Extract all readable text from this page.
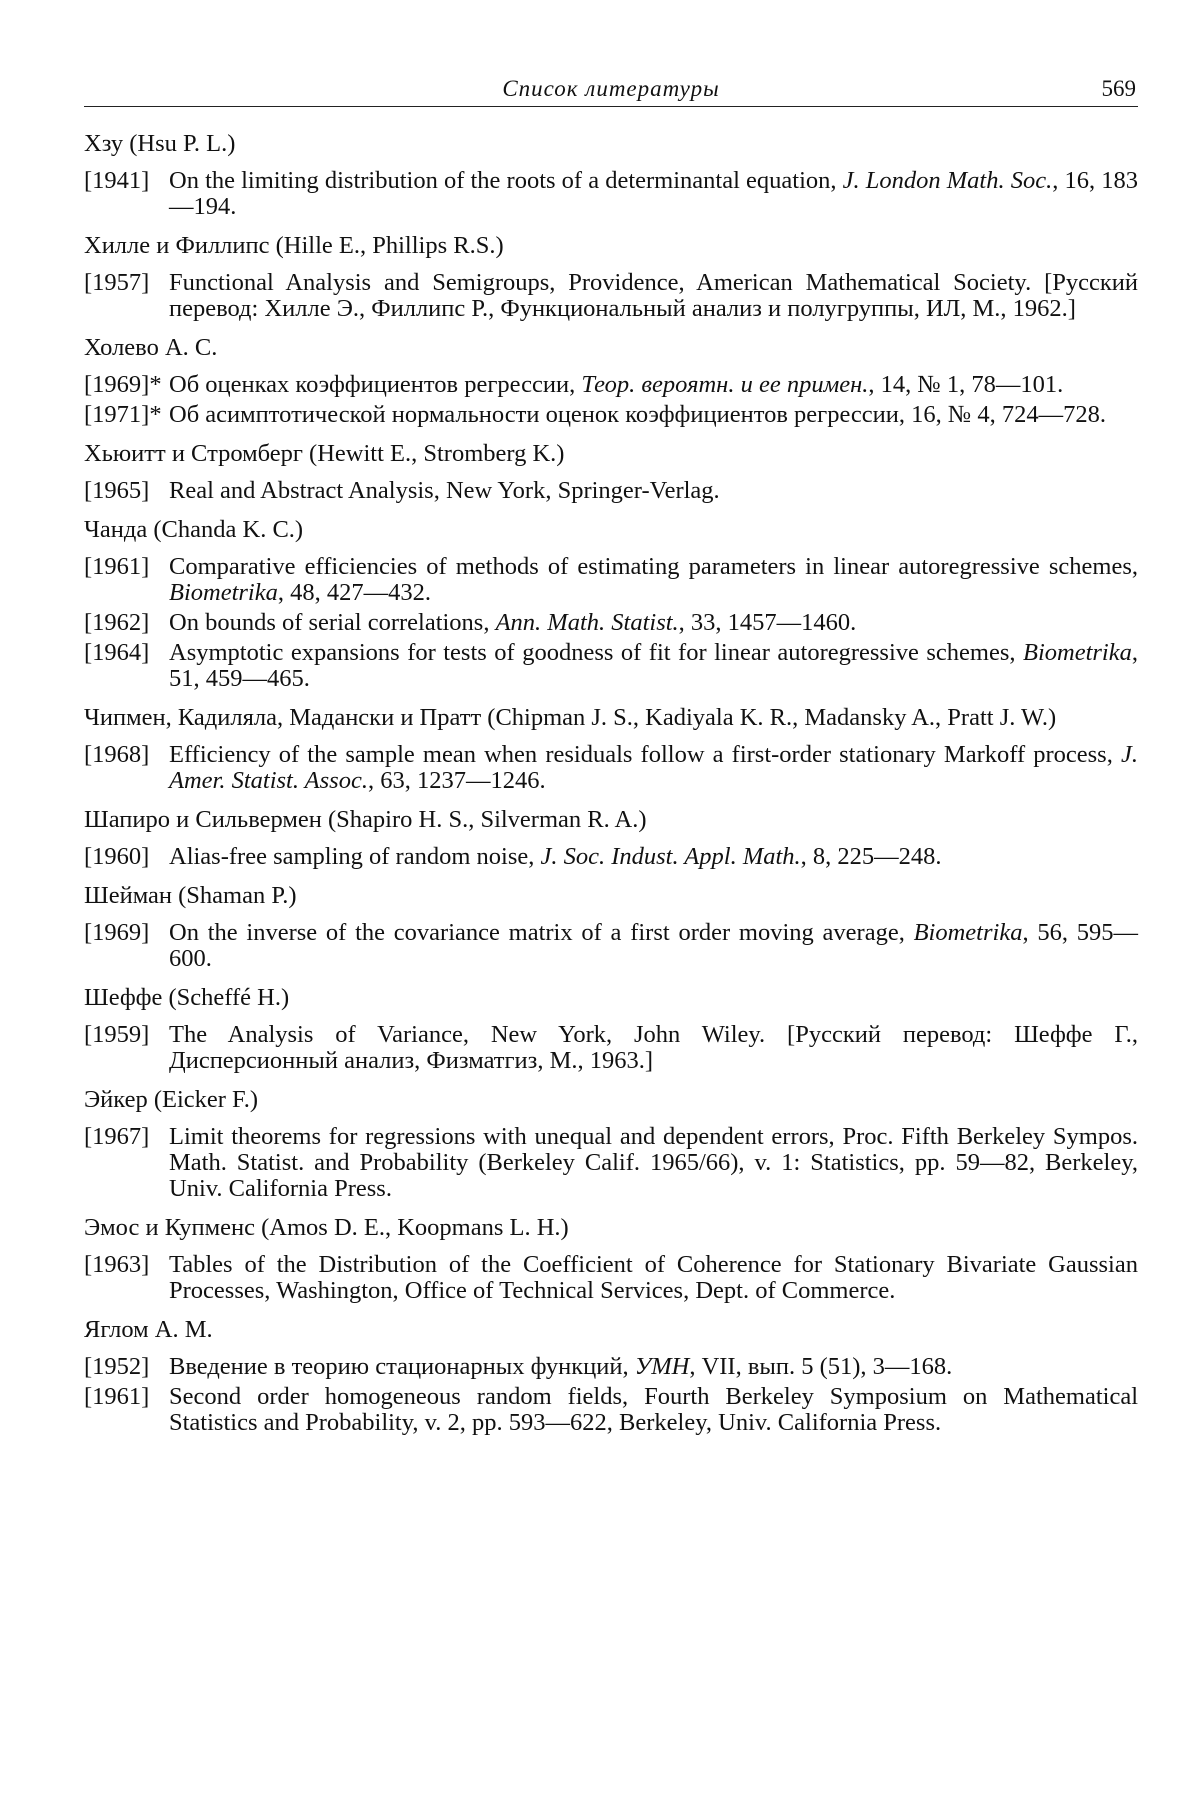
Список литературы	569
Хзу (Hsu P. L.)
[1941] On the limiting distribution of the roots of a determinantal equation, J. London Math. Soc., 16, 183—194.
Хилле и Филлипс (Hille E., Phillips R.S.)
[1957] Functional Analysis and Semigroups, Providence, American Mathematical Society. [Русский перевод: Хилле Э., Филлипс Р., Функциональный анализ и полугруппы, ИЛ, М., 1962.]
Холево А. С.
[1969]* Об оценках коэффициентов регрессии, Теор. вероятн. и ее примен., 14, № 1, 78—101.
[1971]* Об асимптотической нормальности оценок коэффициентов регрессии, 16, № 4, 724—728.
Хьюитт и Стромберг (Hewitt E., Stromberg K.)
[1965] Real and Abstract Analysis, New York, Springer-Verlag.
Чанда (Chanda K. C.)
[1961] Comparative efficiencies of methods of estimating parameters in linear autoregressive schemes, Biometrika, 48, 427—432.
[1962] On bounds of serial correlations, Ann. Math. Statist., 33, 1457—1460.
[1964] Asymptotic expansions for tests of goodness of fit for linear autoregressive schemes, Biometrika, 51, 459—465.
Чипмен, Кадиляла, Мадански и Пратт (Chipman J. S., Kadiyala K. R., Madansky A., Pratt J. W.)
[1968] Efficiency of the sample mean when residuals follow a first-order stationary Markoff process, J. Amer. Statist. Assoc., 63, 1237—1246.
Шапиро и Сильвермен (Shapiro H. S., Silverman R. A.)
[1960] Alias-free sampling of random noise, J. Soc. Indust. Appl. Math., 8, 225—248.
Шейман (Shaman P.)
[1969] On the inverse of the covariance matrix of a first order moving average, Biometrika, 56, 595—600.
Шеффе (Scheffé H.)
[1959] The Analysis of Variance, New York, John Wiley. [Русский перевод: Шеффе Г., Дисперсионный анализ, Физматгиз, М., 1963.]
Эйкер (Eicker F.)
[1967] Limit theorems for regressions with unequal and dependent errors, Proc. Fifth Berkeley Sympos. Math. Statist. and Probability (Berkeley Calif. 1965/66), v. 1: Statistics, pp. 59—82, Berkeley, Univ. California Press.
Эмос и Купменс (Amos D. E., Koopmans L. H.)
[1963] Tables of the Distribution of the Coefficient of Coherence for Stationary Bivariate Gaussian Processes, Washington, Office of Technical Services, Dept. of Commerce.
Яглом А. М.
[1952] Введение в теорию стационарных функций, УМН, VII, вып. 5 (51), 3—168.
[1961] Second order homogeneous random fields, Fourth Berkeley Symposium on Mathematical Statistics and Probability, v. 2, pp. 593—622, Berkeley, Univ. California Press.
